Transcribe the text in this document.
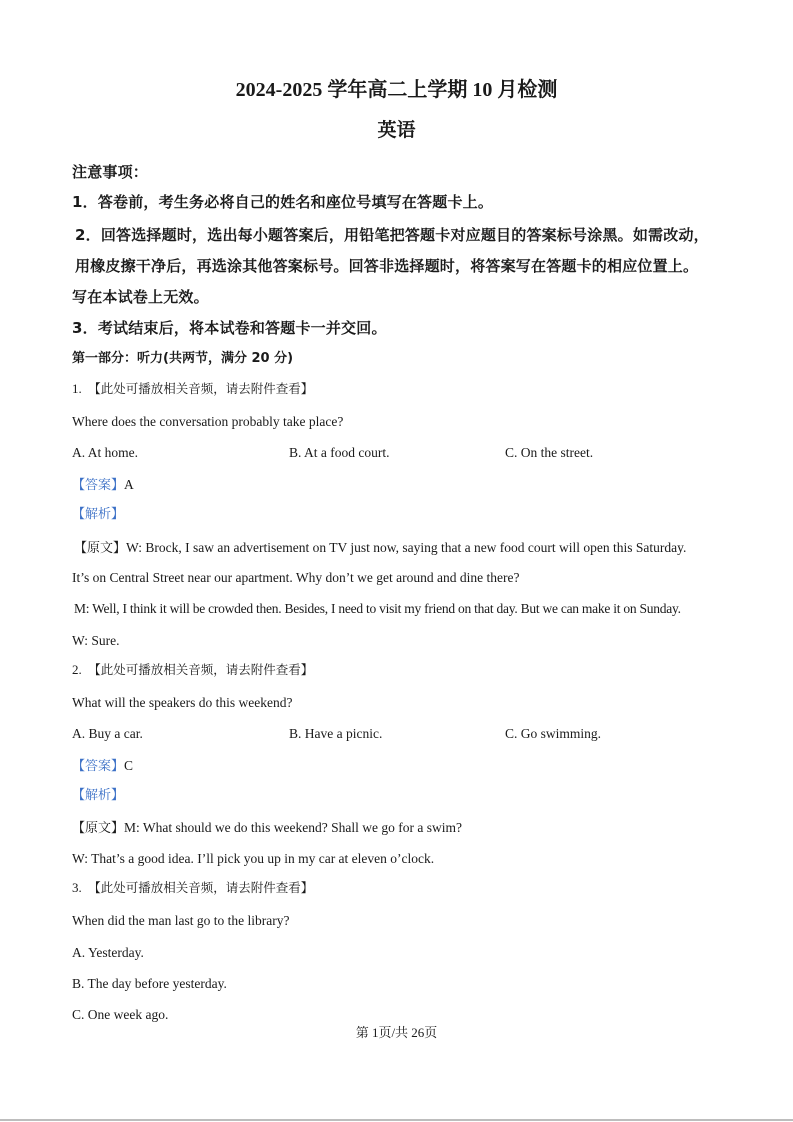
2024-2025 学年高二上学期 10 月检测
英语
注意事项：
1．答卷前，考生务必将自己的姓名和座位号填写在答题卡上。
2．回答选择题时，选出每小题答案后，用铅笔把答题卡对应题目的答案标号涂黑。如需改动，
用橡皮擦干净后，再选涂其他答案标号。回答非选择题时，将答案写在答题卡的相应位置上。
写在本试卷上无效。
3．考试结束后，将本试卷和答题卡一并交回。
第一部分：听力(共两节，满分 20 分)
1. 【此处可播放相关音频，请去附件查看】
Where does the conversation probably take place?
A. At home.	B. At a food court.	C. On the street.
【答案】A
【解析】
【原文】W: Brock, I saw an advertisement on TV just now, saying that a new food court will open this Saturday.
It’s on Central Street near our apartment. Why don’t we get around and dine there?
M: Well, I think it will be crowded then. Besides, I need to visit my friend on that day. But we can make it on Sunday.
W: Sure.
2. 【此处可播放相关音频，请去附件查看】
What will the speakers do this weekend?
A. Buy a car.	B. Have a picnic.	C. Go swimming.
【答案】C
【解析】
【原文】M: What should we do this weekend? Shall we go for a swim?
W: That’s a good idea. I’ll pick you up in my car at eleven o’clock.
3. 【此处可播放相关音频，请去附件查看】
When did the man last go to the library?
A. Yesterday.
B. The day before yesterday.
C. One week ago.
第 1页/共 26页
